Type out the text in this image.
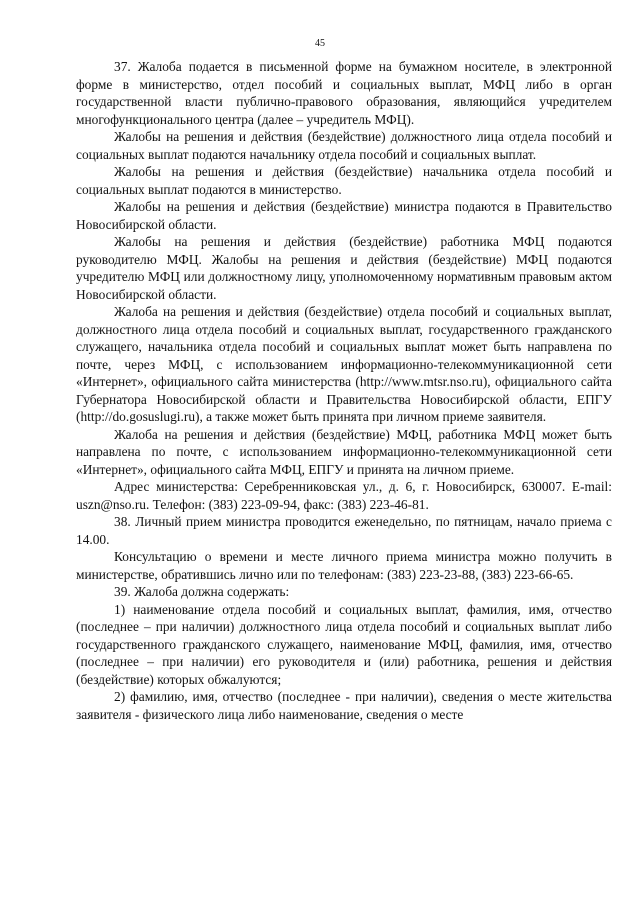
45

37. Жалоба подается в письменной форме на бумажном носителе, в электронной форме в министерство, отдел пособий и социальных выплат, МФЦ либо в орган государственной власти публично-правового образования, являющийся учредителем многофункционального центра (далее – учредитель МФЦ).

Жалобы на решения и действия (бездействие) должностного лица отдела пособий и социальных выплат подаются начальнику отдела пособий и социальных выплат.

Жалобы на решения и действия (бездействие) начальника отдела пособий и социальных выплат подаются в министерство.

Жалобы на решения и действия (бездействие) министра подаются в Правительство Новосибирской области.

Жалобы на решения и действия (бездействие) работника МФЦ подаются руководителю МФЦ. Жалобы на решения и действия (бездействие) МФЦ подаются учредителю МФЦ или должностному лицу, уполномоченному нормативным правовым актом Новосибирской области.

Жалоба на решения и действия (бездействие) отдела пособий и социальных выплат, должностного лица отдела пособий и социальных выплат, государственного гражданского служащего, начальника отдела пособий и социальных выплат может быть направлена по почте, через МФЦ, с использованием информационно-телекоммуникационной сети «Интернет», официального сайта министерства (http://www.mtsr.nso.ru), официального сайта Губернатора Новосибирской области и Правительства Новосибирской области, ЕПГУ (http://do.gosuslugi.ru), а также может быть принята при личном приеме заявителя.

Жалоба на решения и действия (бездействие) МФЦ, работника МФЦ может быть направлена по почте, с использованием информационно-телекоммуникационной сети «Интернет», официального сайта МФЦ, ЕПГУ и принята на личном приеме.

Адрес министерства: Серебренниковская ул., д. 6, г. Новосибирск, 630007. E-mail: uszn@nso.ru. Телефон: (383) 223-09-94, факс: (383) 223-46-81.

38. Личный прием министра проводится еженедельно, по пятницам, начало приема с 14.00.

Консультацию о времени и месте личного приема министра можно получить в министерстве, обратившись лично или по телефонам: (383) 223-23-88, (383) 223-66-65.

39. Жалоба должна содержать:

1) наименование отдела пособий и социальных выплат, фамилия, имя, отчество (последнее – при наличии) должностного лица отдела пособий и социальных выплат либо государственного гражданского служащего, наименование МФЦ, фамилия, имя, отчество (последнее – при наличии) его руководителя и (или) работника, решения и действия (бездействие) которых обжалуются;

2) фамилию, имя, отчество (последнее - при наличии), сведения о месте жительства заявителя - физического лица либо наименование, сведения о месте
